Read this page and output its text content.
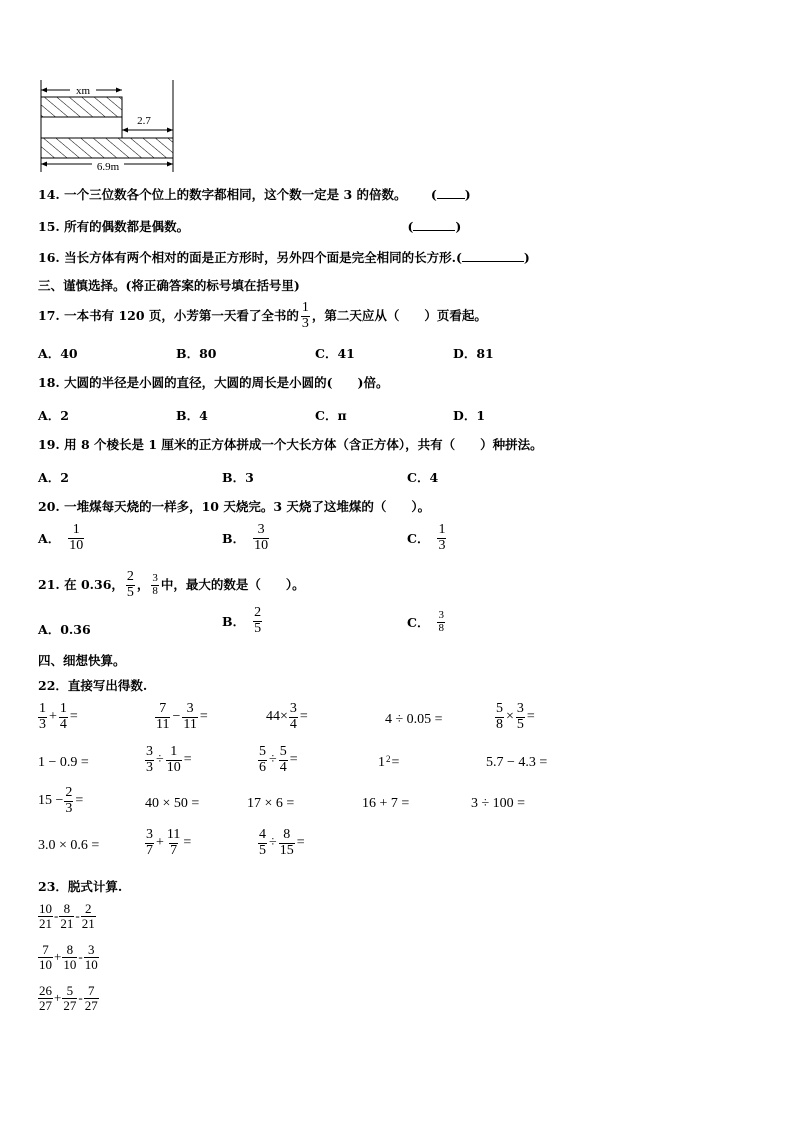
xm
2.7
6.9m
14. 一个三位数各个位上的数字都相同，这个数一定是 3 的倍数。 ( )
15. 所有的偶数都是偶数。	(	)
16. 当长方体有两个相对的面是正方形时，另外四个面是完全相同的长方形.(	)
三、谨慎选择。(将正确答案的标号填在括号里)
17.
一本书有 120 页，小芳第一天看了全书的 $\frac{1}{3}$ ，第二天应从（　　）页看起。
A．40	B．80	C．41	D．81
18. 大圆的半径是小圆的直径，大圆的周长是小圆的(　　)倍。
A．2	B．4	C．π	D．1
19. 用 8 个棱长是 1 厘米的正方体拼成一个大长方体（含正方体），共有（　　）种拼法。
A．2	B．3	C．4
20. 一堆煤每天烧的一样多，10 天烧完。3 天烧了这堆煤的（　　）。
A． $\frac{1}{10}$	B． $\frac{3}{10}$	C． $\frac{1}{3}$
21.
在 0.36， $\frac{2}{5}$ ， $\frac{3}{8}$ 中，最大的数是（　　）。
A．0.36
B． $\frac{2}{5}$	C． $\frac{3}{8}$
四、细想快算。
22．直接写出得数.
$\frac{1}{3} + \frac{1}{4}$ =	$\frac{7}{11} - \frac{3}{11}$ =	$44\times \frac{3}{4}$ =	4 ÷ 0.05 =	$\frac{5}{8} \times \frac{3}{5}$ =
1 − 0.9 =	$\frac{3}{3} \div \frac{1}{10}$ =	$\frac{5}{6} \div \frac{5}{4}$ =	$1^2$ =	5.7 − 4.3 =
$15 - \frac{2}{3}$ =	40 × 50 =	17 × 6 =	16 + 7 =	3 ÷ 100 =
3.0 × 0.6 =	$\frac{3}{7} + \frac{11}{7}$ =	$\frac{4}{5} \div \frac{8}{15}$ =
23．脱式计算.
$\frac{10}{21} - \frac{8}{21} - \frac{2}{21}$
$\frac{7}{10} + \frac{8}{10} - \frac{3}{10}$
$\frac{26}{27} + \frac{5}{27} - \frac{7}{27}$
